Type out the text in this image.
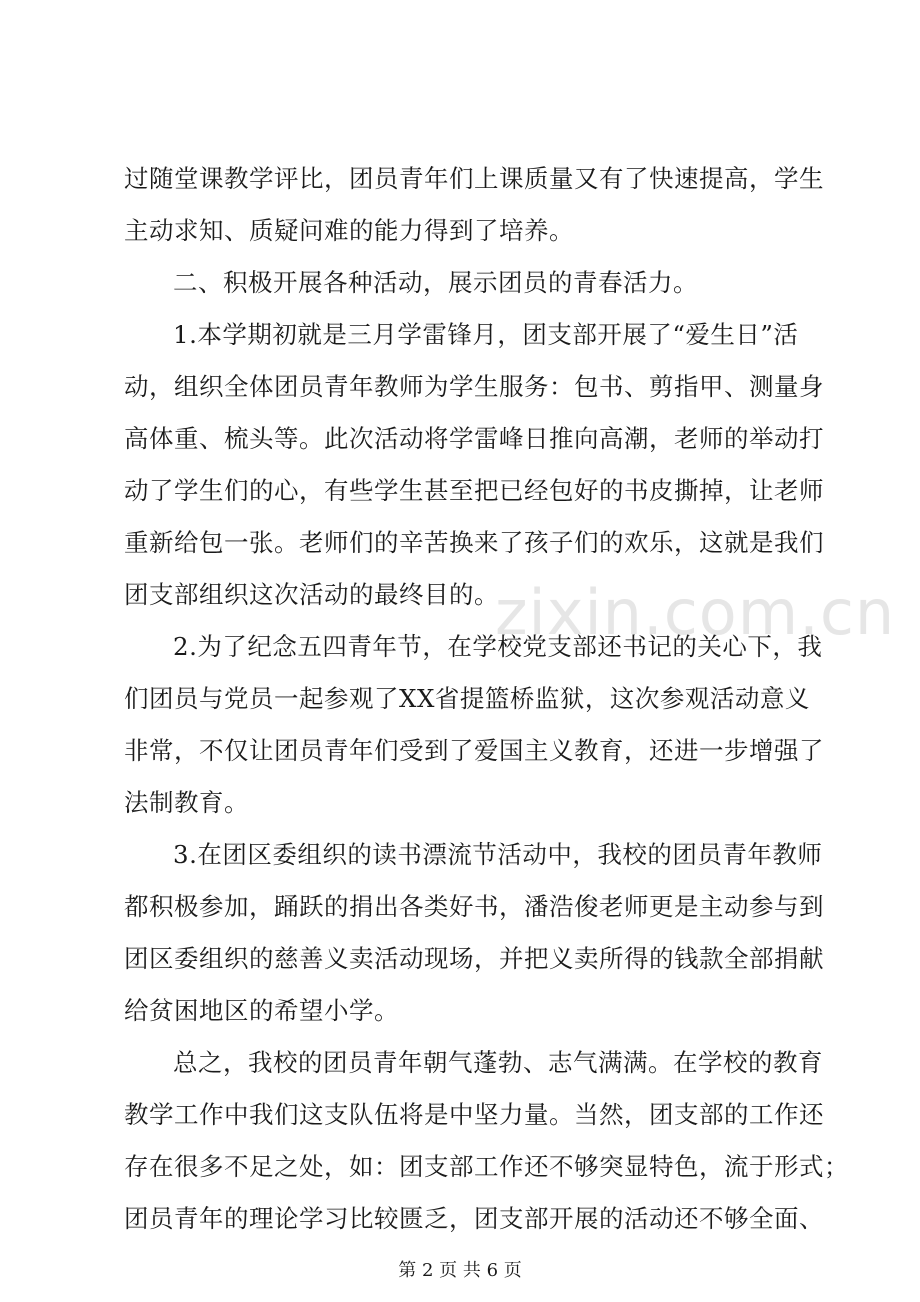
过随堂课教学评比，团员青年们上课质量又有了快速提高，学生
主动求知、质疑问难的能力得到了培养。
二、积极开展各种活动，展示团员的青春活力。
1.本学期初就是三月学雷锋月，团支部开展了“爱生日”活
动，组织全体团员青年教师为学生服务：包书、剪指甲、测量身
高体重、梳头等。此次活动将学雷峰日推向高潮，老师的举动打
动了学生们的心，有些学生甚至把已经包好的书皮撕掉，让老师
重新给包一张。老师们的辛苦换来了孩子们的欢乐，这就是我们
团支部组织这次活动的最终目的。
2.为了纪念五四青年节，在学校党支部还书记的关心下，我
们团员与党员一起参观了XX省提篮桥监狱，这次参观活动意义
非常，不仅让团员青年们受到了爱国主义教育，还进一步增强了
法制教育。
3.在团区委组织的读书漂流节活动中，我校的团员青年教师
都积极参加，踊跃的捐出各类好书，潘浩俊老师更是主动参与到
团区委组织的慈善义卖活动现场，并把义卖所得的钱款全部捐献
给贫困地区的希望小学。
总之，我校的团员青年朝气蓬勃、志气满满。在学校的教育
教学工作中我们这支队伍将是中坚力量。当然，团支部的工作还
存在很多不足之处，如：团支部工作还不够突显特色，流于形式；
团员青年的理论学习比较匮乏，团支部开展的活动还不够全面、
zixin.com.cn
第 2 页 共 6 页
